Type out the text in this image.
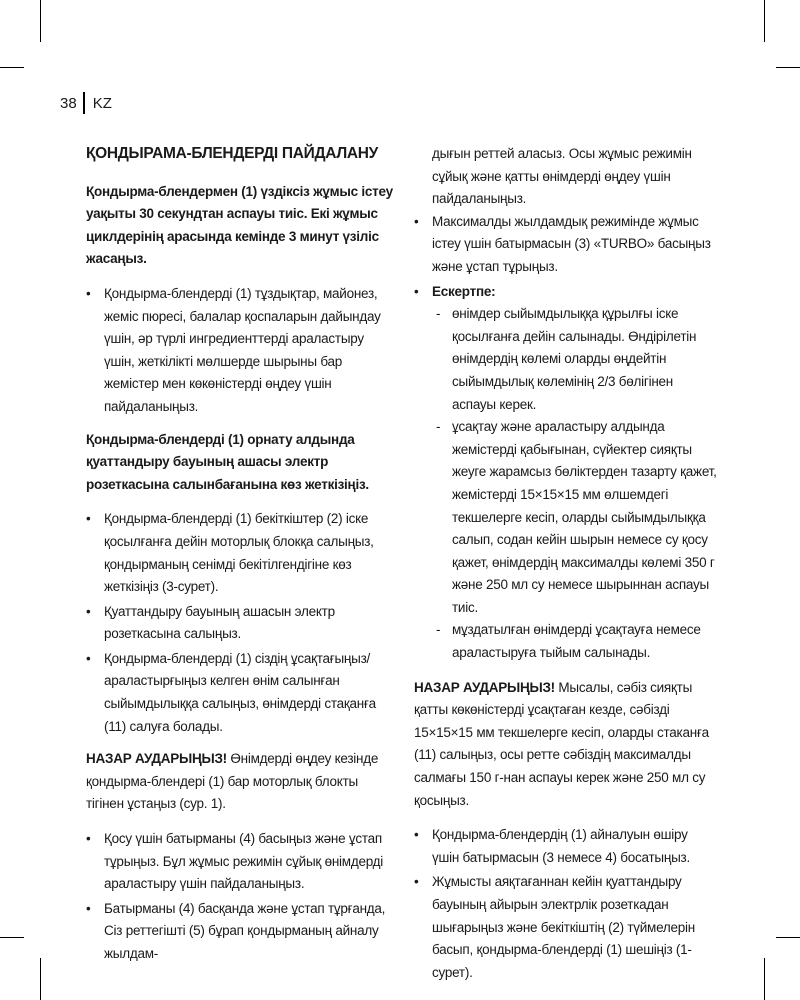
38 KZ
ҚОНДЫРАМА-БЛЕНДЕРДІ ПАЙДАЛАНУ
Қондырма-блендермен (1) үздіксіз жұмыс істеу уақыты 30 секундтан аспауы тиіс. Екі жұмыс циклдерінің арасында кемінде 3 минут үзіліс жасаңыз.
• Қондырма-блендерді (1) тұздықтар, майонез, жеміс пюресі, балалар қоспаларын дайындау үшін, әр түрлі ингредиенттерді араластыру үшін, жеткілікті мөлшерде шырыны бар жемістер мен көкөністерді өңдеу үшін пайдаланыңыз.
Қондырма-блендерді (1) орнату алдында қуаттандыру бауының ашасы электр розеткасына салынбағанына көз жеткізіңіз.
• Қондырма-блендерді (1) бекіткіштер (2) іске қосылғанға дейін моторлық блокқа салыңыз, қондырманың сенімді бекітілгендігіне көз жеткізіңіз (3-сурет).
• Қуаттандыру бауының ашасын электр розеткасына салыңыз.
• Қондырма-блендерді (1) сіздің ұсақтағыңыз/араластырғыңыз келген өнім салынған сыйымдылыққа салыңыз, өнімдерді стақанға (11) салуға болады.
НАЗАР АУДАРЫҢЫЗ! Өнімдерді өңдеу кезінде қондырма-блендері (1) бар моторлық блокты тігінен ұстаңыз (сур. 1).
• Қосу үшін батырманы (4) басыңыз және ұстап тұрыңыз. Бұл жұмыс режимін сұйық өнімдерді араластыру үшін пайдаланыңыз.
• Батырманы (4) басқанда және ұстап тұрғанда, Сіз реттегішті (5) бұрап қондырманың айналу жылдам-
дығын реттей аласыз. Осы жұмыс режимін сұйық және қатты өнімдерді өңдеу үшін пайдаланыңыз.
• Максималды жылдамдық режимінде жұмыс істеу үшін батырмасын (3) «TURBO» басыңыз және ұстап тұрыңыз.
• Ескертпе:
- өнімдер сыйымдылыққа құрылғы іске қосылғанға дейін салынады. Өндірілетін өнімдердің көлемі оларды өңдейтін сыйымдылық көлемінің 2/3 бөлігінен аспауы керек.
- ұсақтау және араластыру алдында жемістерді қабығынан, сүйектер сияқты жеуге жарамсыз бөліктерден тазарту қажет, жемістерді 15×15×15 мм өлшемдегі текшелерге кесіп, оларды сыйымдылыққа салып, содан кейін шырын немесе су қосу қажет, өнімдердің максималды көлемі 350 г және 250 мл су немесе шырыннан аспауы тиіс.
- мұздатылған өнімдерді ұсақтауға немесе араластыруға тыйым салынады.
НАЗАР АУДАРЫҢЫЗ! Мысалы, сәбіз сияқты қатты көкөністерді ұсақтаған кезде, сәбізді 15×15×15 мм текшелерге кесіп, оларды стаканға (11) салыңыз, осы ретте сәбіздің максималды салмағы 150 г-нан аспауы керек және 250 мл су қосыңыз.
• Қондырма-блендердің (1) айналуын өшіру үшін батырмасын (3 немесе 4) босатыңыз.
• Жұмысты аяқтағаннан кейін қуаттандыру бауының айырын электрлік розеткадан шығарыңыз және бекіткіштің (2) түймелерін басып, қондырма-блендерді (1) шешіңіз (1-сурет).
